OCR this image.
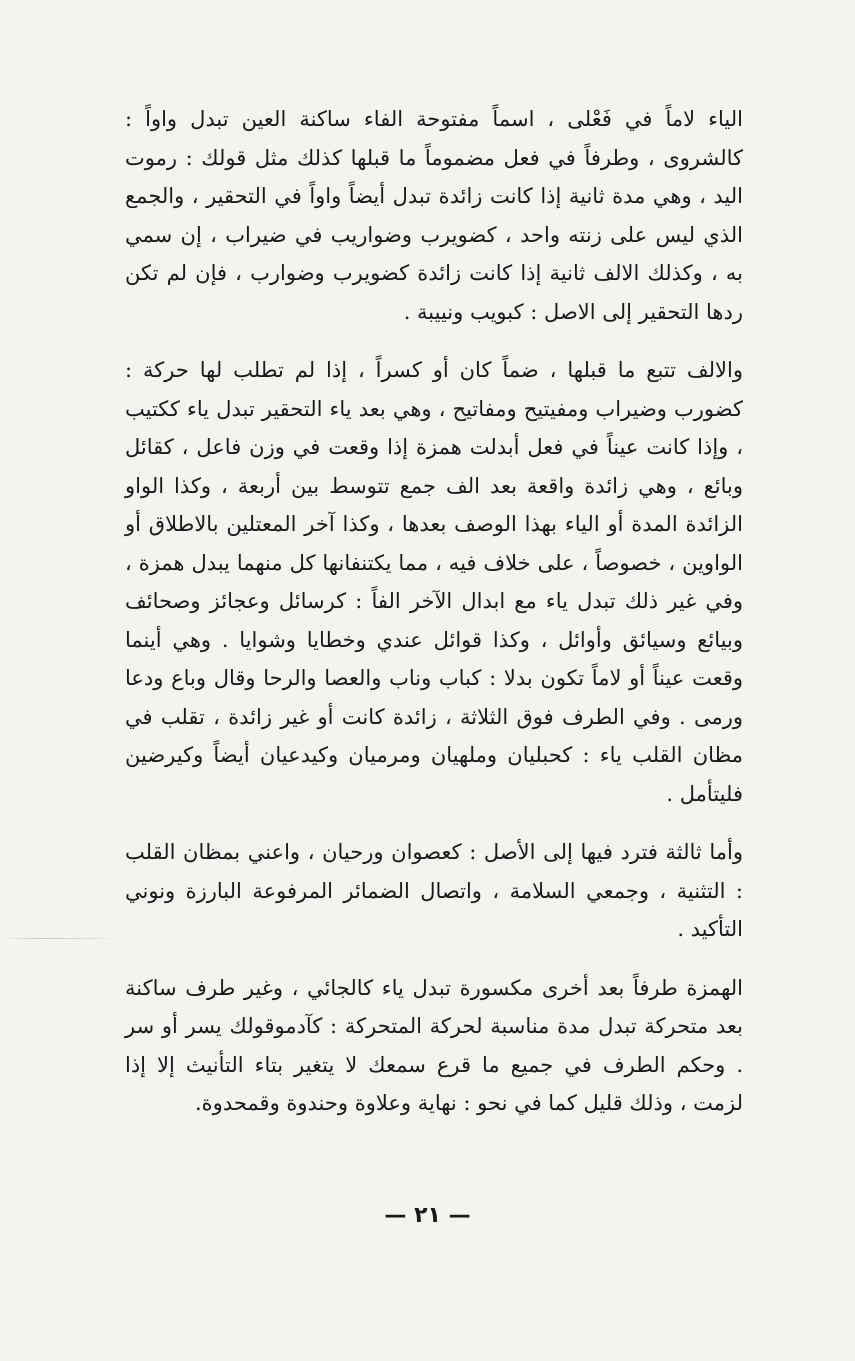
الياء لاماً في فَعْلى ، اسماً مفتوحة الفاء ساكنة العين تبدل واواً : كالشروى ، وطرفاً في فعل مضموماً ما قبلها كذلك مثل قولك : رموت اليد ، وهي مدة ثانية إذا كانت زائدة تبدل أيضاً واواً في التحقير ، والجمع الذي ليس على زنته واحد ، كضويرب وضواريب في ضيراب ، إن سمي به ، وكذلك الالف ثانية إذا كانت زائدة كضويرب وضوارب ، فإن لم تكن ردها التحقير إلى الاصل : كبويب ونييبة .

والالف تتبع ما قبلها ، ضماً كان أو كسراً ، إذا لم تطلب لها حركة : كضورب وضيراب ومفيتيح ومفاتيح ، وهي بعد ياء التحقير تبدل ياء ككتيب ، وإذا كانت عيناً في فعل أبدلت همزة إذا وقعت في وزن فاعل ، كقائل وبائع ، وهي زائدة واقعة بعد الف جمع تتوسط بين أربعة ، وكذا الواو الزائدة المدة أو الياء بهذا الوصف بعدها ، وكذا آخر المعتلين بالاطلاق أو الواوين ، خصوصاً ، على خلاف فيه ، مما يكتنفانها كل منهما يبدل همزة ، وفي غير ذلك تبدل ياء مع ابدال الآخر الفاً : كرسائل وعجائز وصحائف وبيائع وسيائق وأوائل ، وكذا قوائل عندي وخطايا وشوايا . وهي أينما وقعت عيناً أو لاماً تكون بدلا : كباب وناب والعصا والرحا وقال وباع ودعا ورمى . وفي الطرف فوق الثلاثة ، زائدة كانت أو غير زائدة ، تقلب في مظان القلب ياء : كحبليان وملهيان ومرميان وكيدعيان أيضاً وكيرضين فليتأمل .

وأما ثالثة فترد فيها إلى الأصل : كعصوان ورحيان ، واعني بمظان القلب : التثنية ، وجمعي السلامة ، واتصال الضمائر المرفوعة البارزة ونوني التأكيد .

الهمزة طرفاً بعد أخرى مكسورة تبدل ياء كالجائي ، وغير طرف ساكنة بعد متحركة تبدل مدة مناسبة لحركة المتحركة : كآدموقولك يسر أو سر . وحكم الطرف في جميع ما قرع سمعك لا يتغير بتاء التأنيث إلا إذا لزمت ، وذلك قليل كما في نحو : نهاية وعلاوة وحندوة وقمحدوة.

— ٢١ —
